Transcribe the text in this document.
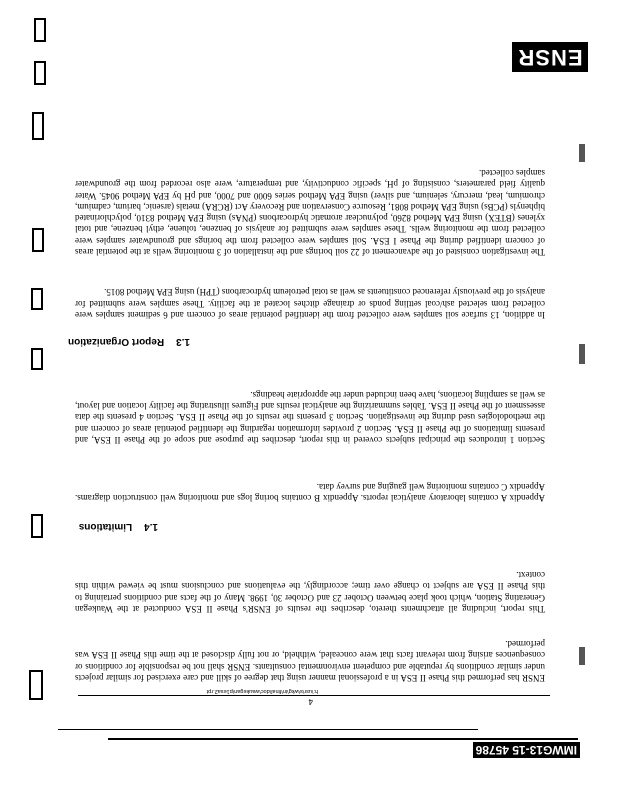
IMWG13-15 45786
h:\usr\s\wkg\in\final\doc\waukegan\p1esa2.rpt
4

ENSR has performed this Phase II ESA in a professional manner using that degree of skill and care exercised for similar projects under similar conditions by reputable and competent environmental consultants. ENSR shall not be responsible for conditions or consequences arising from relevant facts that were concealed, withheld, or not fully disclosed at the time this Phase II ESA was performed.

This report, including all attachments thereto, describes the results of ENSR's Phase II ESA conducted at the Waukegan Generating Station, which took place between October 23 and October 30, 1998. Many of the facts and conditions pertaining to this Phase II ESA are subject to change over time; accordingly, the evaluations and conclusions must be viewed within this context.

1.4Limitations

Appendix A contains laboratory analytical reports. Appendix B contains boring logs and monitoring well construction diagrams. Appendix C contains monitoring well gauging and survey data.

Section 1 introduces the principal subjects covered in this report, describes the purpose and scope of the Phase II ESA, and presents limitations of the Phase II ESA. Section 2 provides information regarding the identified potential areas of concern and the methodologies used during the investigation. Section 3 presents the results of the Phase II ESA. Section 4 presents the data assessment of the Phase II ESA. Tables summarizing the analytical results and Figures illustrating the facility location and layout, as well as sampling locations, have been included under the appropriate headings.

1.3Report Organization

In addition, 13 surface soil samples were collected from the identified potential areas of concern and 6 sediment samples were collected from selected ash/coal settling ponds or drainage ditches located at the facility. These samples were submitted for analysis of the previously referenced constituents as well as total petroleum hydrocarbons (TPH) using EPA Method 8015.

The investigation consisted of the advancement of 22 soil borings and the installation of 3 monitoring wells at the potential areas of concern identified during the Phase I ESA. Soil samples were collected from the borings and groundwater samples were collected from the monitoring wells. These samples were submitted for analysis of benzene, toluene, ethyl benzene, and total xylenes (BTEX) using EPA Method 8260, polynuclear aromatic hydrocarbons (PNAs) using EPA Method 8310, polychlorinated biphenyls (PCBs) using EPA Method 8081, Resource Conservation and Recovery Act (RCRA) metals (arsenic, barium, cadmium, chromium, lead, mercury, selenium, and silver) using EPA Method series 6000 and 7000, and pH by EPA Method 9045. Water quality field parameters, consisting of pH, specific conductivity, and temperature, were also recorded from the groundwater samples collected.

ENSR
